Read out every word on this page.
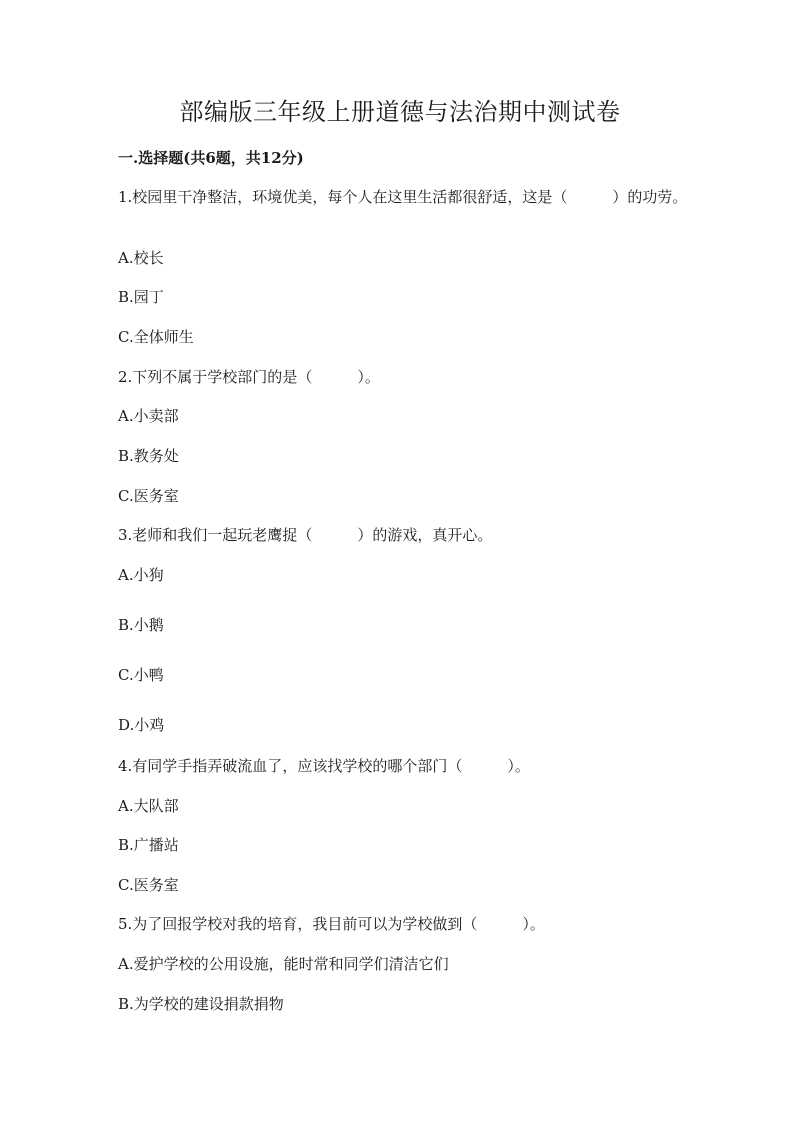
部编版三年级上册道德与法治期中测试卷
一.选择题(共6题，共12分)
1.校园里干净整洁，环境优美，每个人在这里生活都很舒适，这是（　　　）的功劳。
A.校长
B.园丁
C.全体师生
2.下列不属于学校部门的是（　　　）。
A.小卖部
B.教务处
C.医务室
3.老师和我们一起玩老鹰捉（　　　）的游戏，真开心。
A.小狗
B.小鹅
C.小鸭
D.小鸡
4.有同学手指弄破流血了，应该找学校的哪个部门（　　　）。
A.大队部
B.广播站
C.医务室
5.为了回报学校对我的培育，我目前可以为学校做到（　　　）。
A.爱护学校的公用设施，能时常和同学们清洁它们
B.为学校的建设捐款捐物
